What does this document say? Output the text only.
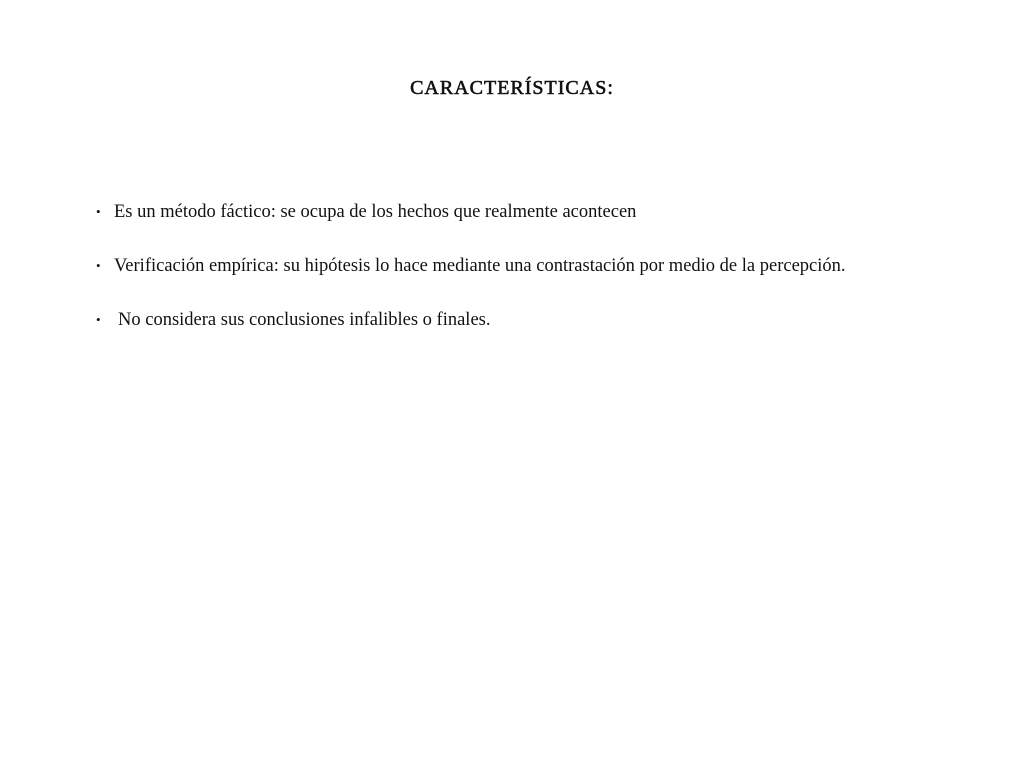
CARACTERÍSTICAS:
• Es un método fáctico: se ocupa de los hechos que realmente acontecen
• Verificación empírica: su hipótesis lo hace mediante una contrastación por medio de la percepción.
• No considera sus conclusiones infalibles o finales.
